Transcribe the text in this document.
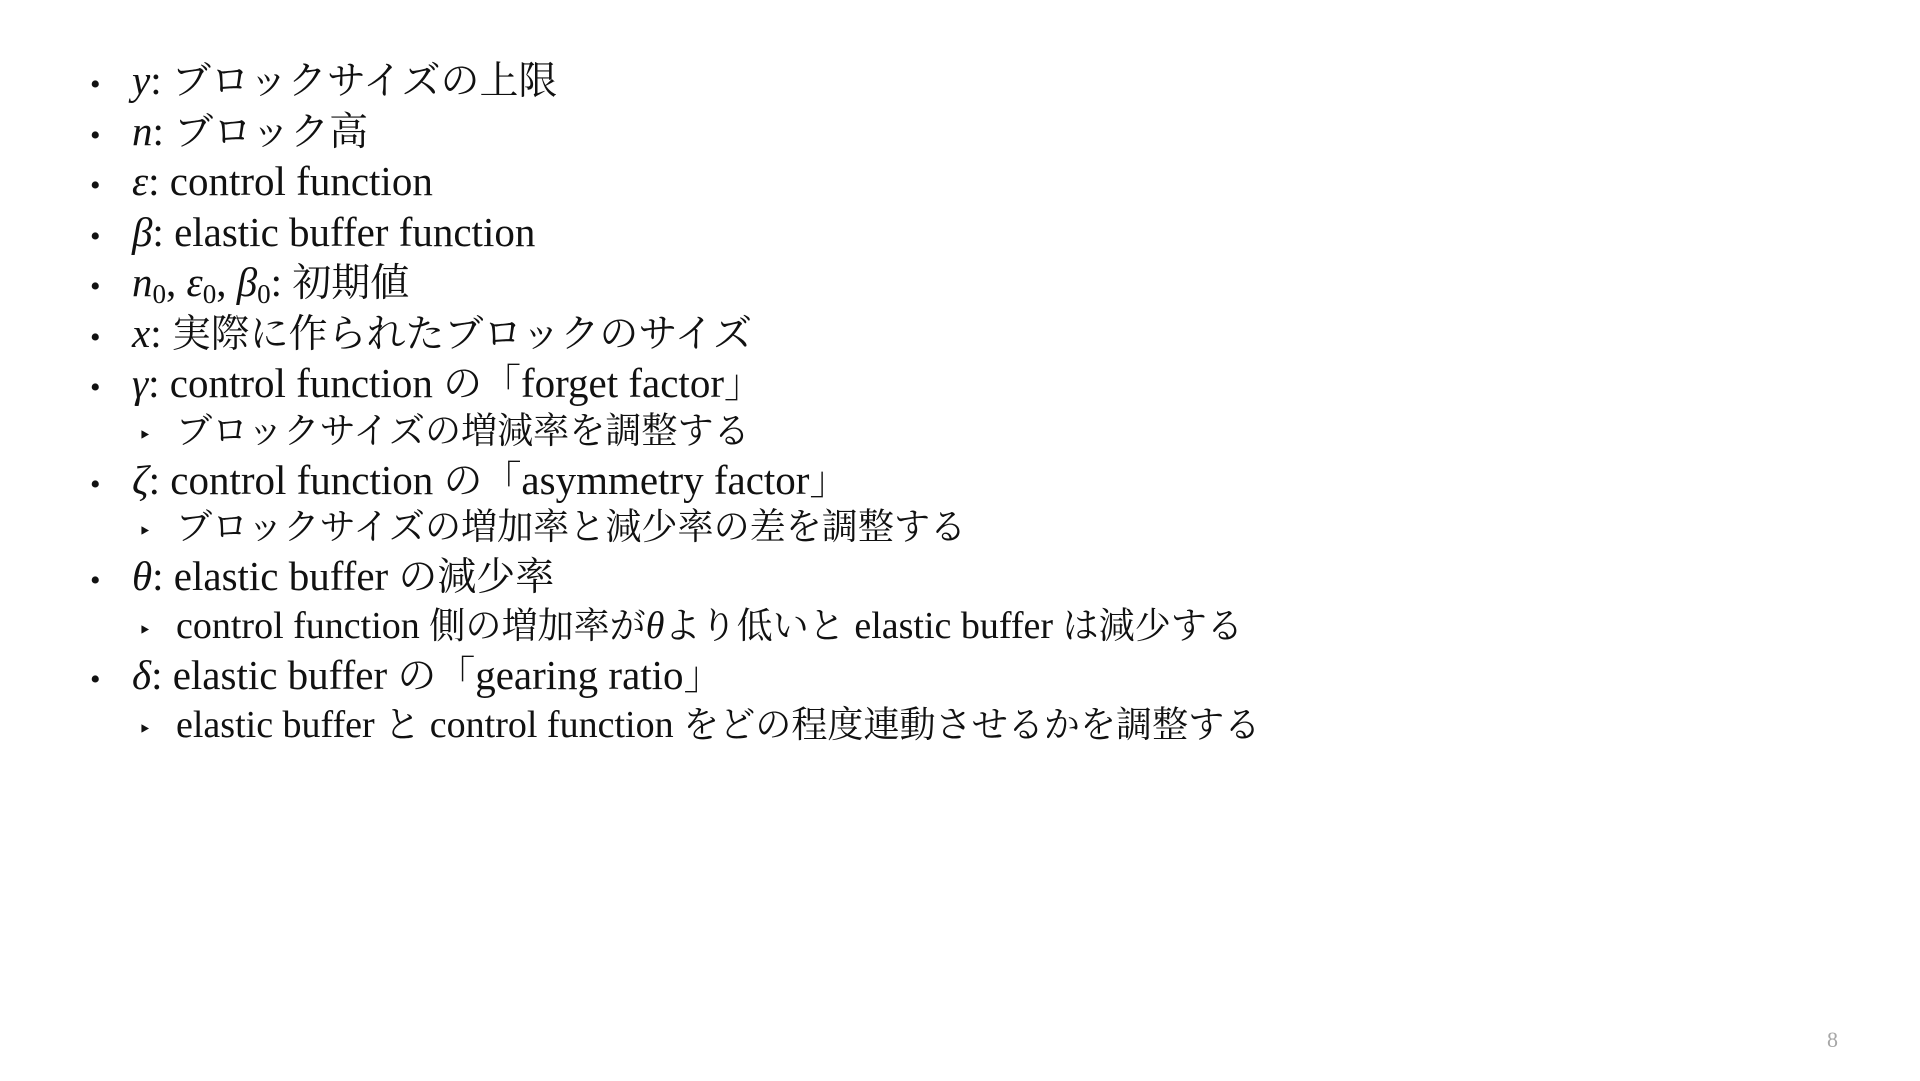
• y: ブロックサイズの上限
• n: ブロック高
• ε: control function
• β: elastic buffer function
• $n_0$, $\varepsilon_0$, $\beta_0$: 初期値
• x: 実際に作られたブロックのサイズ
• γ: control function の「forget factor」
‣ ブロックサイズの増減率を調整する
• ζ: control function の「asymmetry factor」
‣ ブロックサイズの増加率と減少率の差を調整する
• θ: elastic buffer の減少率
‣ control function 側の増加率がθより低いと elastic buffer は減少する
• δ: elastic buffer の「gearing ratio」
‣ elastic buffer と control function をどの程度連動させるかを調整する
8
